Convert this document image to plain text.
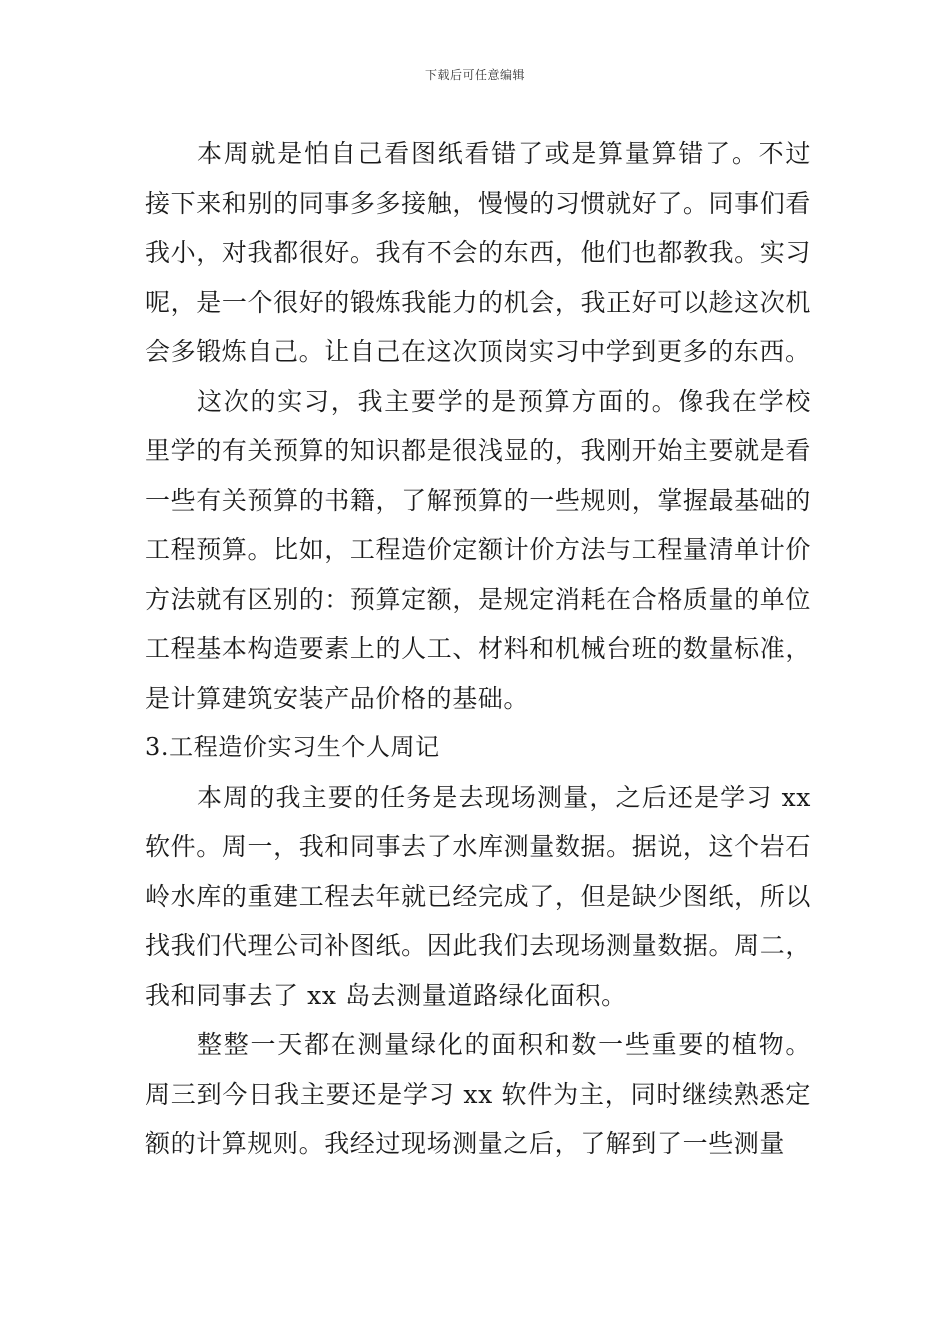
下载后可任意编辑

本周就是怕自己看图纸看错了或是算量算错了。不过接下来和别的同事多多接触，慢慢的习惯就好了。同事们看我小，对我都很好。我有不会的东西，他们也都教我。实习呢，是一个很好的锻炼我能力的机会，我正好可以趁这次机会多锻炼自己。让自己在这次顶岗实习中学到更多的东西。

这次的实习，我主要学的是预算方面的。像我在学校里学的有关预算的知识都是很浅显的，我刚开始主要就是看一些有关预算的书籍，了解预算的一些规则，掌握最基础的工程预算。比如，工程造价定额计价方法与工程量清单计价方法就有区别的：预算定额，是规定消耗在合格质量的单位工程基本构造要素上的人工、材料和机械台班的数量标准，是计算建筑安装产品价格的基础。

3.工程造价实习生个人周记

本周的我主要的任务是去现场测量，之后还是学习 xx 软件。周一，我和同事去了水库测量数据。据说，这个岩石岭水库的重建工程去年就已经完成了，但是缺少图纸，所以找我们代理公司补图纸。因此我们去现场测量数据。周二，我和同事去了 xx 岛去测量道路绿化面积。

整整一天都在测量绿化的面积和数一些重要的植物。周三到今日我主要还是学习 xx 软件为主，同时继续熟悉定额的计算规则。我经过现场测量之后，了解到了一些测量
